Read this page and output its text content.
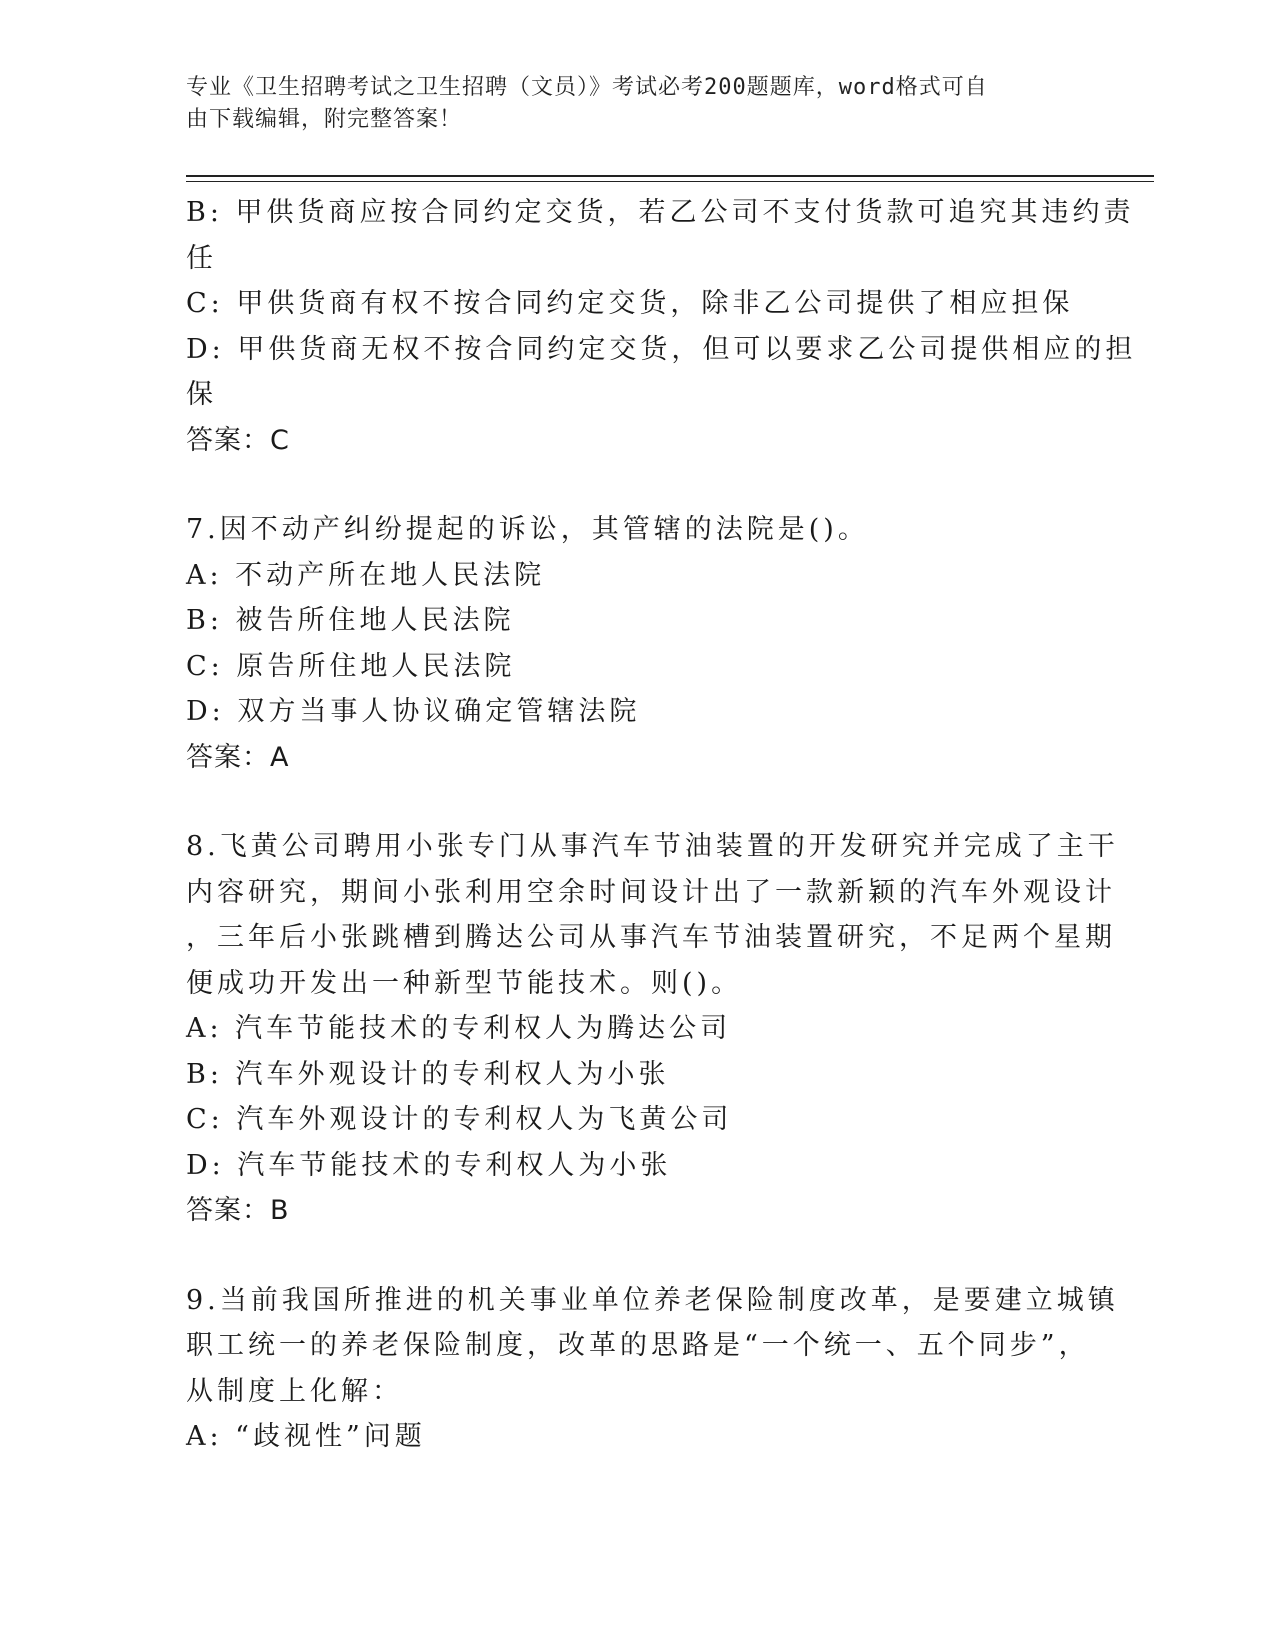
专业《卫生招聘考试之卫生招聘（文员）》考试必考200题题库，word格式可自
由下载编辑，附完整答案！
B: 甲供货商应按合同约定交货，若乙公司不支付货款可追究其违约责
任
C: 甲供货商有权不按合同约定交货，除非乙公司提供了相应担保
D: 甲供货商无权不按合同约定交货，但可以要求乙公司提供相应的担
保
答案：C
7.因不动产纠纷提起的诉讼，其管辖的法院是()。
A: 不动产所在地人民法院
B: 被告所住地人民法院
C: 原告所住地人民法院
D: 双方当事人协议确定管辖法院
答案：A
8.飞黄公司聘用小张专门从事汽车节油装置的开发研究并完成了主干
内容研究，期间小张利用空余时间设计出了一款新颖的汽车外观设计
，三年后小张跳槽到腾达公司从事汽车节油装置研究，不足两个星期
便成功开发出一种新型节能技术。则()。
A: 汽车节能技术的专利权人为腾达公司
B: 汽车外观设计的专利权人为小张
C: 汽车外观设计的专利权人为飞黄公司
D: 汽车节能技术的专利权人为小张
答案：B
9.当前我国所推进的机关事业单位养老保险制度改革，是要建立城镇
职工统一的养老保险制度，改革的思路是“一个统一、五个同步”，
从制度上化解：
A: “歧视性”问题
